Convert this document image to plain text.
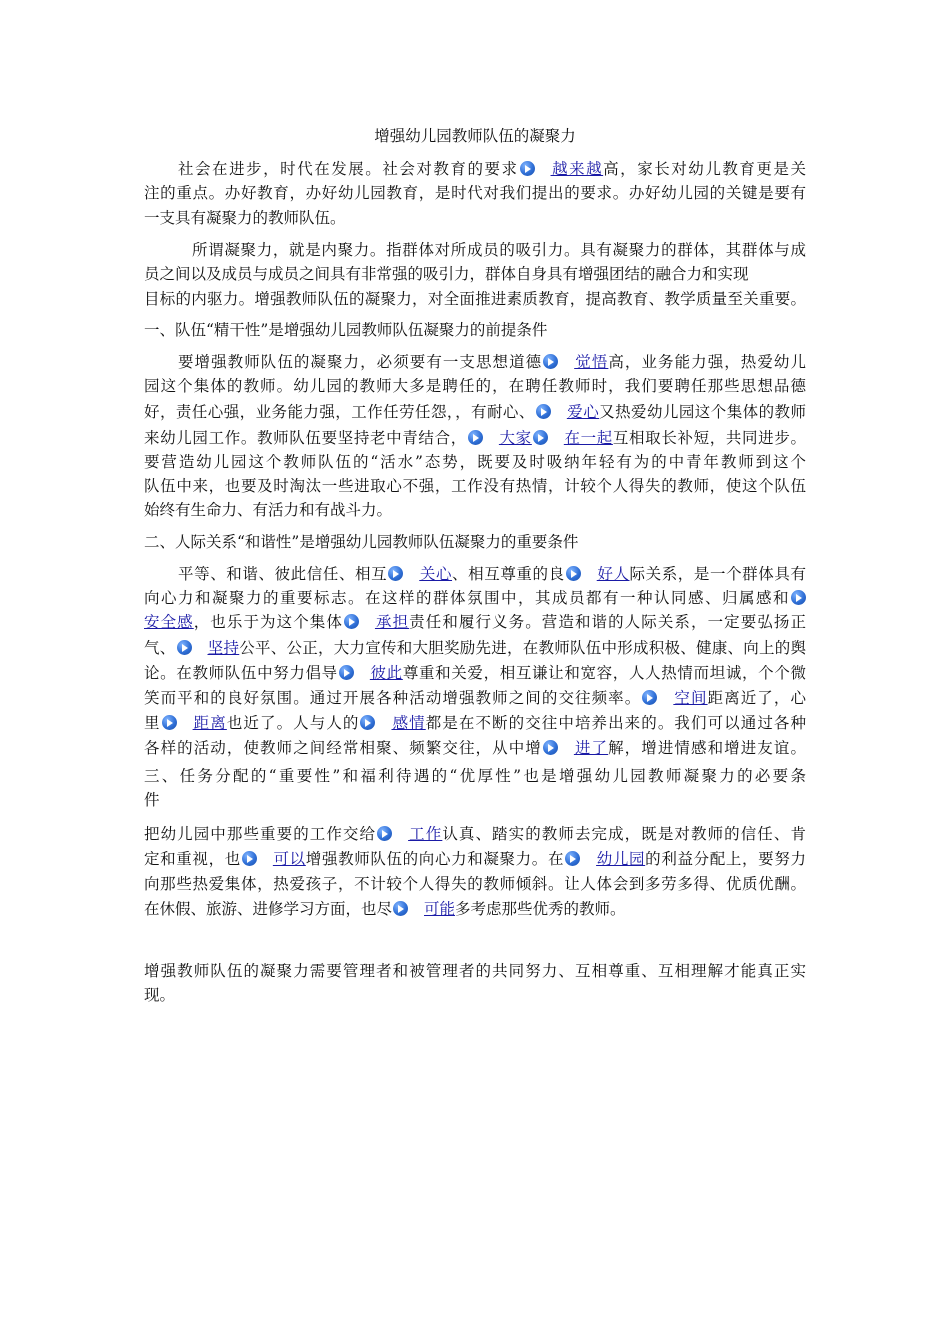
增强幼儿园教师队伍的凝聚力
社会在进步，时代在发展。社会对教育的要求 越来越高，家长对幼儿教育更是关
注的重点。办好教育，办好幼儿园教育，是时代对我们提出的要求。办好幼儿园的关键是要有
一支具有凝聚力的教师队伍。
所谓凝聚力，就是内聚力。指群体对所成员的吸引力。具有凝聚力的群体，其群体与成
员之间以及成员与成员之间具有非常强的吸引力，群体自身具有增强团结的融合力和实现
目标的内驱力。增强教师队伍的凝聚力，对全面推进素质教育，提高教育、教学质量至关重要。
一、队伍“精干性”是增强幼儿园教师队伍凝聚力的前提条件
要增强教师队伍的凝聚力，必须要有一支思想道德 觉悟高，业务能力强，热爱幼儿
园这个集体的教师。幼儿园的教师大多是聘任的，在聘任教师时，我们要聘任那些思想品德
好，责任心强，业务能力强，工作任劳任怨，，有耐心、 爱心又热爱幼儿园这个集体的教师
来幼儿园工作。教师队伍要坚持老中青结合， 大家 在一起互相取长补短，共同进步。
要营造幼儿园这个教师队伍的“活水”态势，既要及时吸纳年轻有为的中青年教师到这个
队伍中来，也要及时淘汰一些进取心不强，工作没有热情，计较个人得失的教师，使这个队伍
始终有生命力、有活力和有战斗力。
二、人际关系“和谐性”是增强幼儿园教师队伍凝聚力的重要条件
平等、和谐、彼此信任、相互 关心、相互尊重的良 好人际关系，是一个群体具有
向心力和凝聚力的重要标志。在这样的群体氛围中，其成员都有一种认同感、归属感和
安全感，也乐于为这个集体 承担责任和履行义务。营造和谐的人际关系，一定要弘扬正
气、 坚持公平、公正，大力宣传和大胆奖励先进，在教师队伍中形成积极、健康、向上的舆
论。在教师队伍中努力倡导 彼此尊重和关爱，相互谦让和宽容，人人热情而坦诚，个个微
笑而平和的良好氛围。通过开展各种活动增强教师之间的交往频率。 空间距离近了，心
里 距离也近了。人与人的 感情都是在不断的交往中培养出来的。我们可以通过各种
各样的活动，使教师之间经常相聚、频繁交往，从中增 进了解，增进情感和增进友谊。
三、任务分配的“重要性”和福利待遇的“优厚性”也是增强幼儿园教师凝聚力的必要条
件
把幼儿园中那些重要的工作交给 工作认真、踏实的教师去完成，既是对教师的信任、肯
定和重视，也 可以增强教师队伍的向心力和凝聚力。在 幼儿园的利益分配上，要努力
向那些热爱集体，热爱孩子，不计较个人得失的教师倾斜。让人体会到多劳多得、优质优酬。
在休假、旅游、进修学习方面，也尽 可能多考虑那些优秀的教师。
增强教师队伍的凝聚力需要管理者和被管理者的共同努力、互相尊重、互相理解才能真正实
现。
